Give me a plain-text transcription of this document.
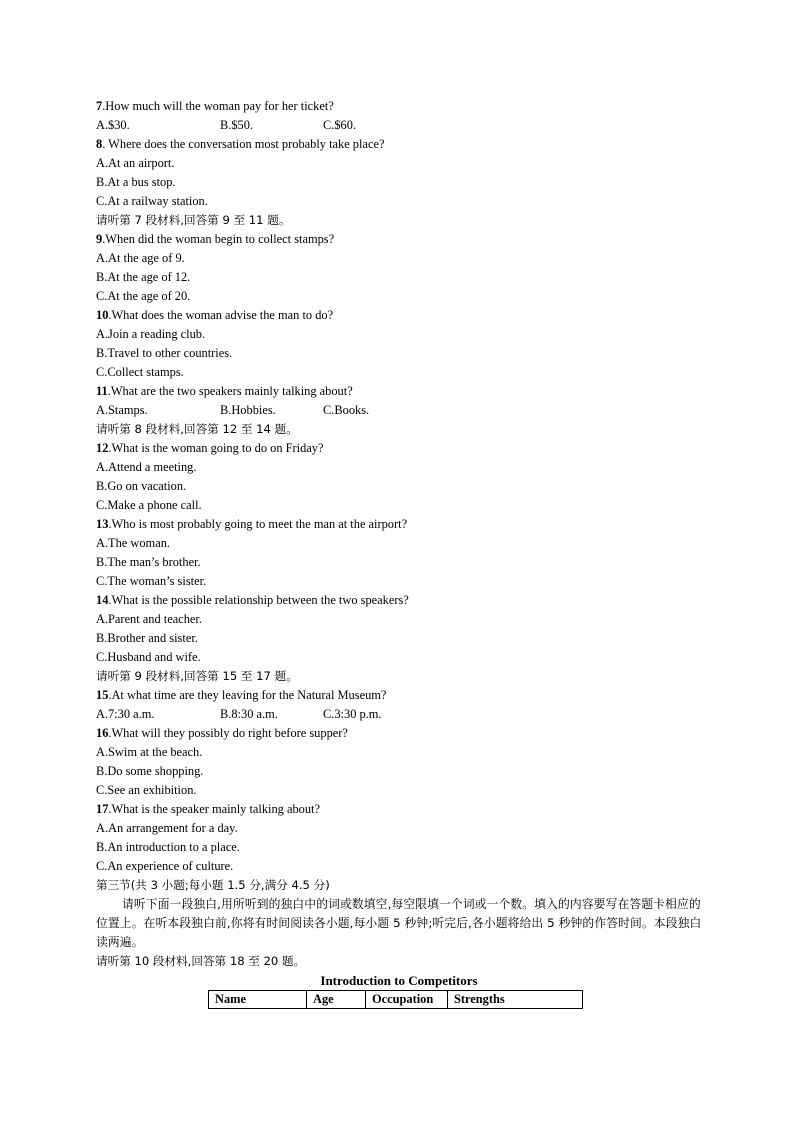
7.How much will the woman pay for her ticket?
A.$30.	B.$50.	C.$60.
8. Where does the conversation most probably take place?
A.At an airport.
B.At a bus stop.
C.At a railway station.
请听第 7 段材料,回答第 9 至 11 题。
9.When did the woman begin to collect stamps?
A.At the age of 9.
B.At the age of 12.
C.At the age of 20.
10.What does the woman advise the man to do?
A.Join a reading club.
B.Travel to other countries.
C.Collect stamps.
11.What are the two speakers mainly talking about?
A.Stamps.	B.Hobbies.	C.Books.
请听第 8 段材料,回答第 12 至 14 题。
12.What is the woman going to do on Friday?
A.Attend a meeting.
B.Go on vacation.
C.Make a phone call.
13.Who is most probably going to meet the man at the airport?
A.The woman.
B.The man’s brother.
C.The woman’s sister.
14.What is the possible relationship between the two speakers?
A.Parent and teacher.
B.Brother and sister.
C.Husband and wife.
请听第 9 段材料,回答第 15 至 17 题。
15.At what time are they leaving for the Natural Museum?
A.7:30 a.m.	B.8:30 a.m.	C.3:30 p.m.
16.What will they possibly do right before supper?
A.Swim at the beach.
B.Do some shopping.
C.See an exhibition.
17.What is the speaker mainly talking about?
A.An arrangement for a day.
B.An introduction to a place.
C.An experience of culture.
第三节(共 3 小题;每小题 1.5 分,满分 4.5 分)
请听下面一段独白,用所听到的独白中的词或数填空,每空限填一个词或一个数。填入的内容要写在答题卡相应的位置上。在听本段独白前,你将有时间阅读各小题,每小题 5 秒钟;听完后,各小题将给出 5 秒钟的作答时间。本段独白读两遍。
请听第 10 段材料,回答第 18 至 20 题。
Introduction to Competitors
Name	Age	Occupation	Strengths
